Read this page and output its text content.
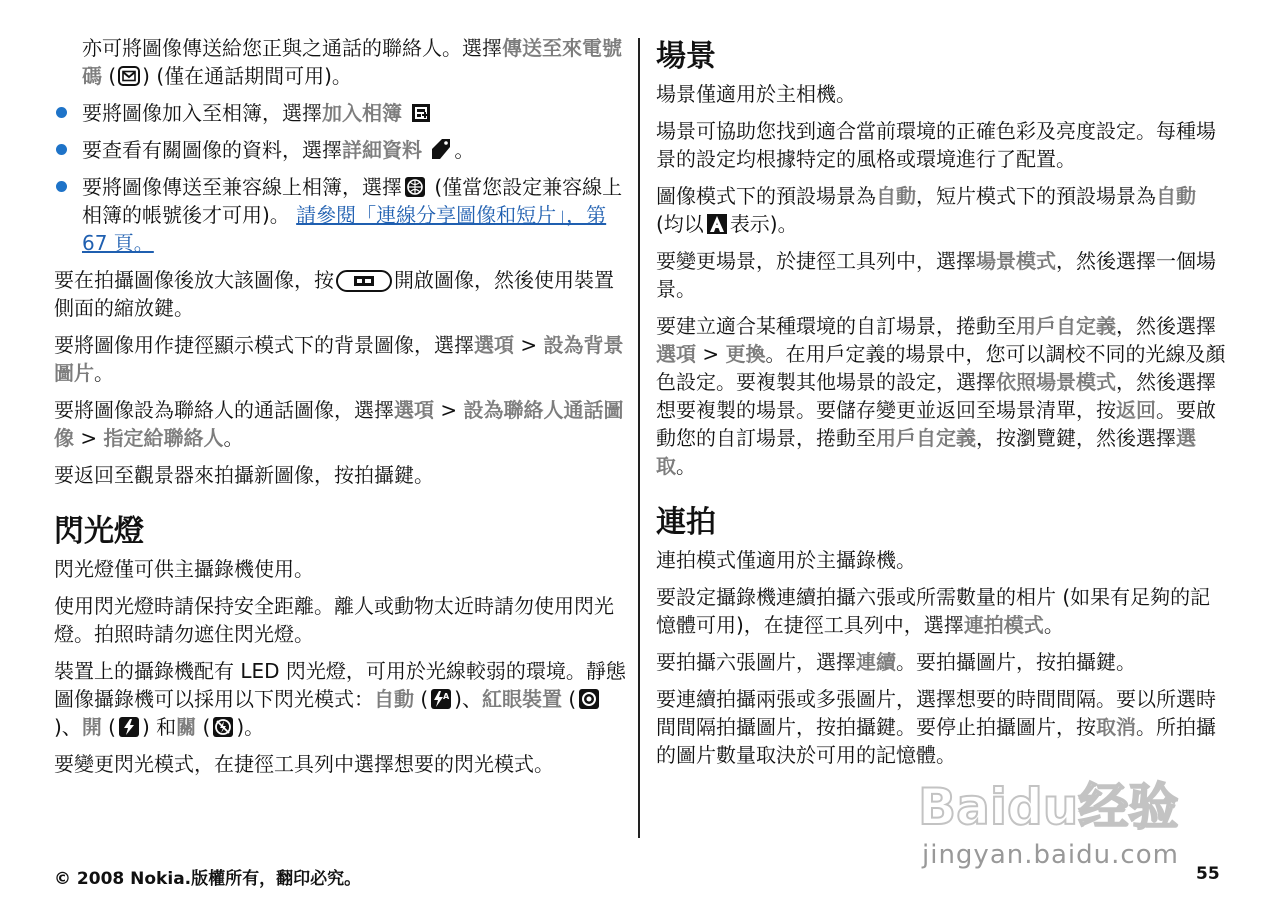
亦可將圖像傳送給您正與之通話的聯絡人。選擇傳送至來電號碼 ( ) (僅在通話期間可用)。

要將圖像加入至相簿，選擇加入相簿

要查看有關圖像的資料，選擇詳細資料 。

要將圖像傳送至兼容線上相簿，選擇
(僅當您設定兼容線上相簿的帳號後才可用)。 請參閱「連線分享圖像和短片」，第 67 頁。

要在拍攝圖像後放大該圖像，按	開啟圖像，然後使用裝置側面的縮放鍵。

要將圖像用作捷徑顯示模式下的背景圖像，選擇選項 > 設為背景圖片。

要將圖像設為聯絡人的通話圖像，選擇選項 > 設為聯絡人通話圖像 > 指定給聯絡人。

要返回至觀景器來拍攝新圖像，按拍攝鍵。

閃光燈

閃光燈僅可供主攝錄機使用。

使用閃光燈時請保持安全距離。離人或動物太近時請勿使用閃光燈。拍照時請勿遮住閃光燈。

裝置上的攝錄機配有 LED 閃光燈，可用於光線較弱的環境。靜態圖像攝錄機可以採用以下閃光模式：自動 ( A )、紅眼裝置 (
)、開 ( ) 和關 ( )。

要變更閃光模式，在捷徑工具列中選擇想要的閃光模式。

場景

場景僅適用於主相機。

場景可協助您找到適合當前環境的正確色彩及亮度設定。每種場景的設定均根據特定的風格或環境進行了配置。

圖像模式下的預設場景為自動，短片模式下的預設場景為自動 (均以 表示)。

要變更場景，於捷徑工具列中，選擇場景模式，然後選擇一個場景。

要建立適合某種環境的自訂場景，捲動至用戶自定義，然後選擇選項 > 更換。在用戶定義的場景中，您可以調校不同的光線及顏色設定。要複製其他場景的設定，選擇依照場景模式，然後選擇想要複製的場景。要儲存變更並返回至場景清單，按返回。要啟動您的自訂場景，捲動至用戶自定義，按瀏覽鍵，然後選擇選取。

連拍

連拍模式僅適用於主攝錄機。

要設定攝錄機連續拍攝六張或所需數量的相片 (如果有足夠的記憶體可用)，在捷徑工具列中，選擇連拍模式。

要拍攝六張圖片，選擇連續。要拍攝圖片，按拍攝鍵。

要連續拍攝兩張或多張圖片，選擇想要的時間間隔。要以所選時間間隔拍攝圖片，按拍攝鍵。要停止拍攝圖片，按取消。所拍攝的圖片數量取決於可用的記憶體。

Baidu经验
jingyan.baidu.com
© 2008 Nokia.版權所有，翻印必究。	55
